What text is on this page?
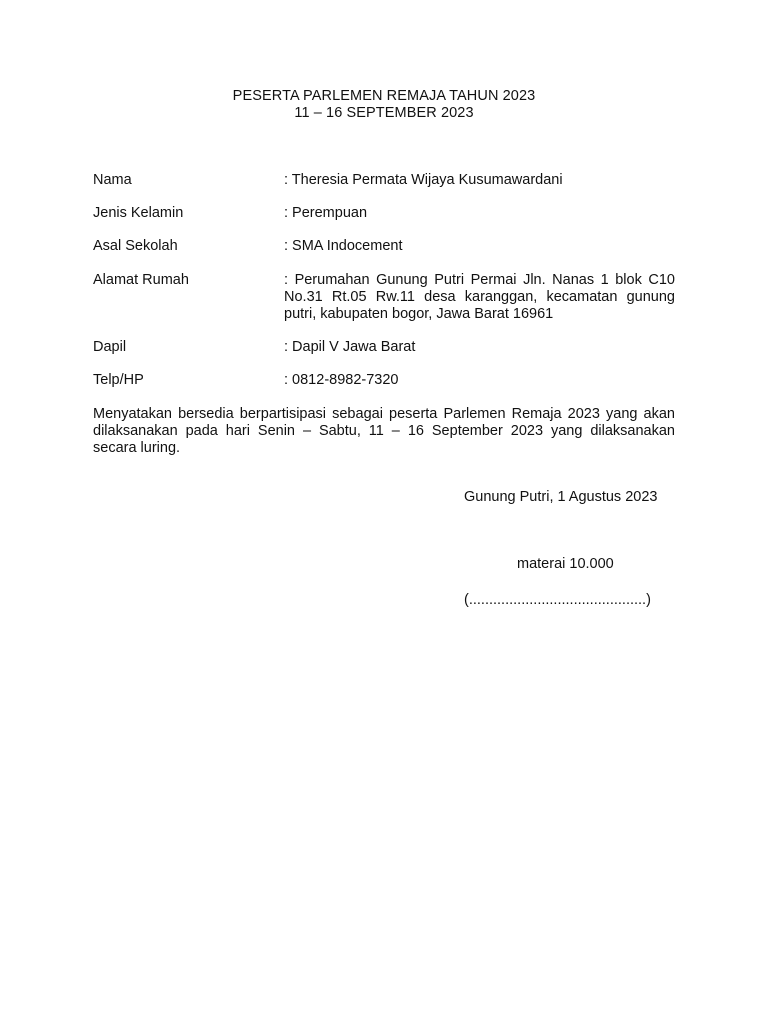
PESERTA PARLEMEN REMAJA TAHUN 2023
11 – 16 SEPTEMBER 2023
Nama	: Theresia Permata Wijaya Kusumawardani
Jenis Kelamin	: Perempuan
Asal Sekolah	: SMA Indocement
Alamat Rumah	: Perumahan Gunung Putri Permai Jln. Nanas 1 blok C10 No.31 Rt.05 Rw.11 desa karanggan, kecamatan gunung putri, kabupaten bogor, Jawa Barat 16961
Dapil	: Dapil V Jawa Barat
Telp/HP	: 0812-8982-7320
Menyatakan bersedia berpartisipasi sebagai peserta Parlemen Remaja 2023 yang akan dilaksanakan pada hari Senin – Sabtu, 11 – 16 September 2023 yang dilaksanakan secara luring.
Gunung Putri, 1 Agustus 2023
materai 10.000
(............................................)
